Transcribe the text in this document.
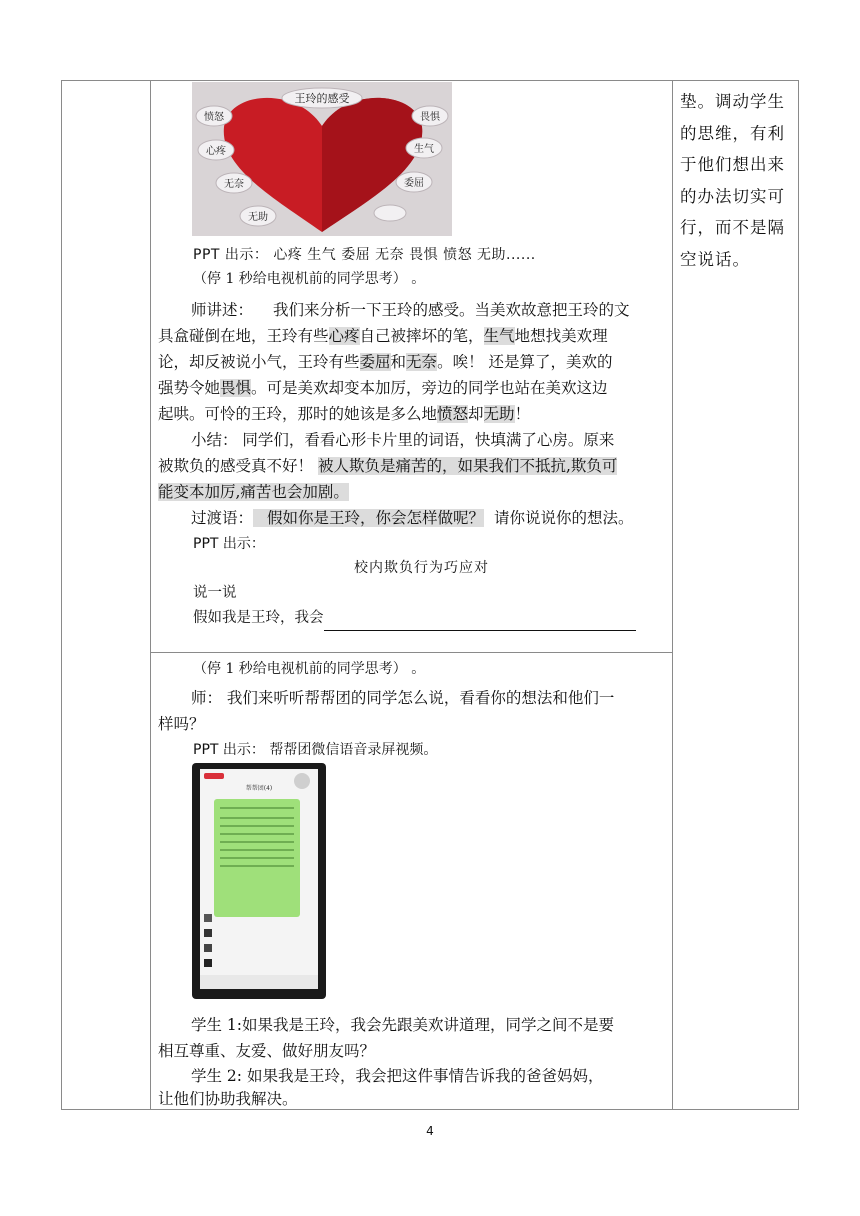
王玲的感受
愤怒
心疼
无奈
无助
畏惧
生气
委屈
PPT 出示： 心疼 生气 委屈 无奈 畏惧 愤怒 无助......
（停 1 秒给电视机前的同学思考） 。
师讲述： 我们来分析一下王玲的感受。当美欢故意把王玲的文
具盒碰倒在地，王玲有些心疼自己被摔坏的笔，生气地想找美欢理
论，却反被说小气，王玲有些委屈和无奈。唉！ 还是算了，美欢的
强势令她畏惧。可是美欢却变本加厉，旁边的同学也站在美欢这边
起哄。可怜的王玲，那时的她该是多么地愤怒却无助！
小结： 同学们，看看心形卡片里的词语，快填满了心房。原来
被欺负的感受真不好！ 被人欺负是痛苦的，如果我们不抵抗,欺负可
能变本加厉,痛苦也会加剧。
过渡语： 假如你是王玲，你会怎样做呢？ 请你说说你的想法。
PPT 出示：
校内欺负行为巧应对
说一说
假如我是王玲，我会
垫。调动学生
的思维，有利
于他们想出来
的办法切实可
行，而不是隔
空说话。
（停 1 秒给电视机前的同学思考） 。
师： 我们来听听帮帮团的同学怎么说，看看你的想法和他们一
样吗？
PPT 出示： 帮帮团微信语音录屏视频。
帮帮团(4)
学生 1:如果我是王玲，我会先跟美欢讲道理，同学之间不是要
相互尊重、友爱、做好朋友吗？
学生 2: 如果我是王玲，我会把这件事情告诉我的爸爸妈妈，
让他们协助我解决。
4
